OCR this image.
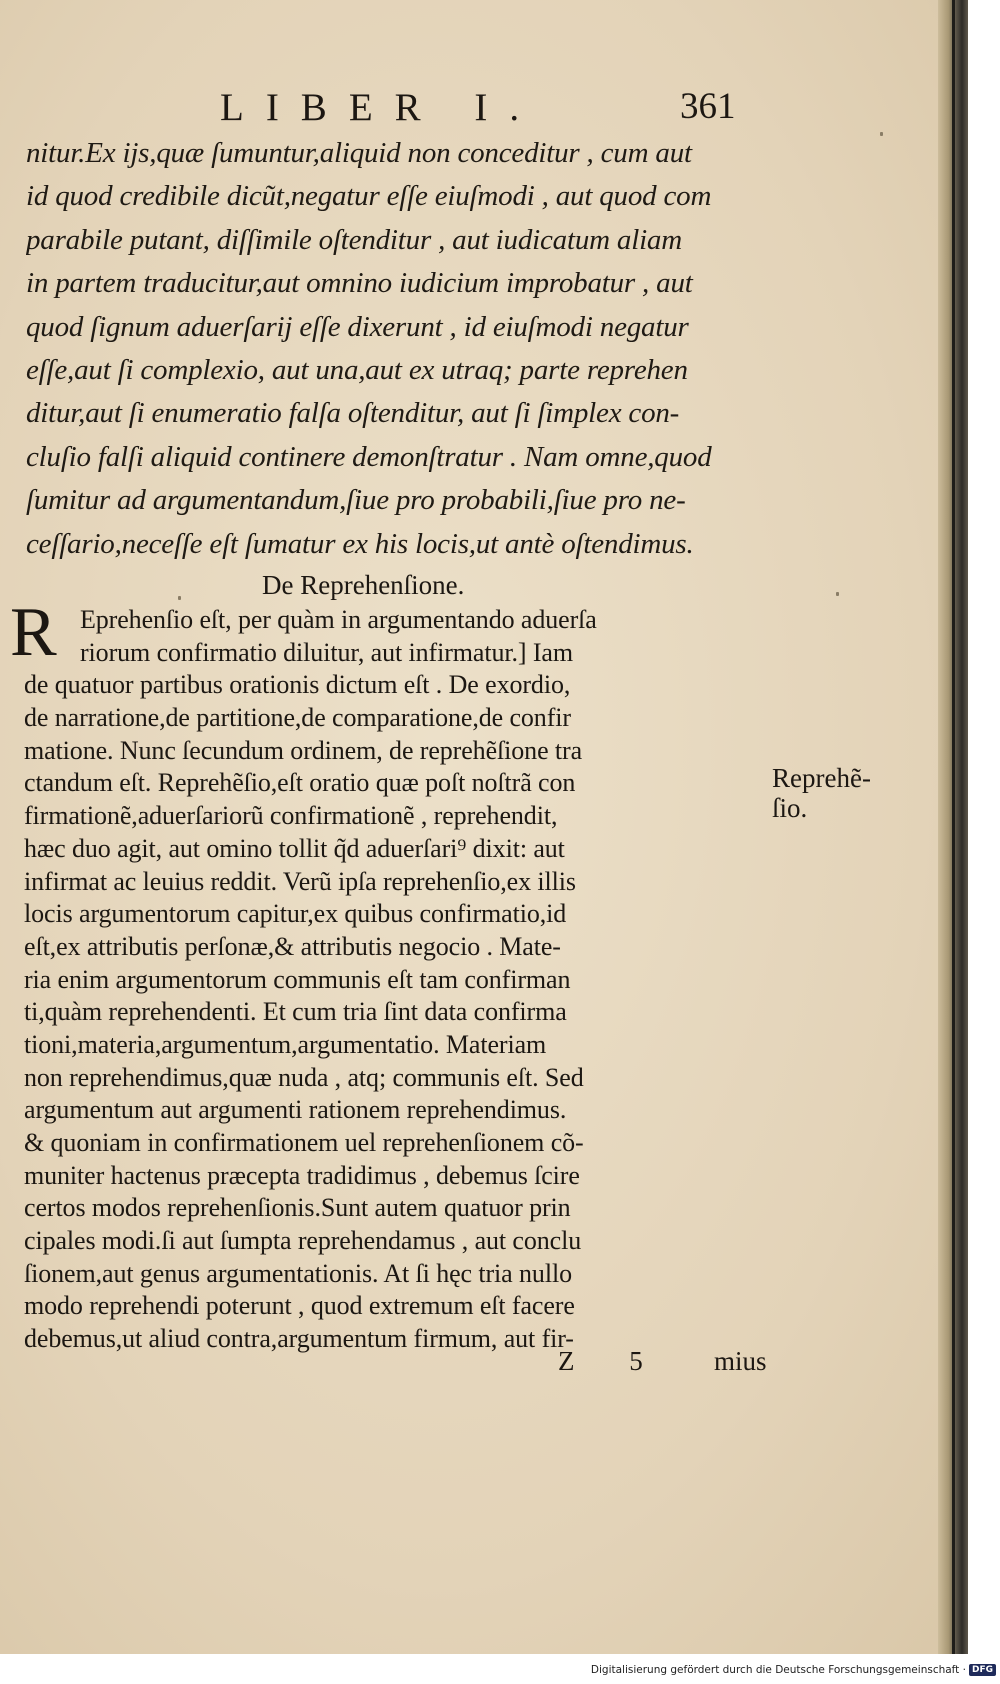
LIBER I.	361
nitur.Ex ijs,quæ ſumuntur,aliquid non conceditur , cum aut
id quod credibile dicũt,negatur eſſe eiuſmodi , aut quod com
parabile putant, diſſimile oſtenditur , aut iudicatum aliam
in partem traducitur,aut omnino iudicium improbatur , aut
quod ſignum aduerſarij eſſe dixerunt , id eiuſmodi negatur
eſſe,aut ſi complexio, aut una,aut ex utraq; parte reprehen
ditur,aut ſi enumeratio falſa oſtenditur, aut ſi ſimplex con-
cluſio falſi aliquid continere demonſtratur . Nam omne,quod
ſumitur ad argumentandum,ſiue pro probabili,ſiue pro ne-
ceſſario,neceſſe eſt ſumatur ex his locis,ut antè oſtendimus.
De Reprehenſione.
R Eprehenſio eſt, per quàm in argumentando aduerſa
riorum confirmatio diluitur, aut infirmatur.] Iam
de quatuor partibus orationis dictum eſt . De exordio,
de narratione,de partitione,de comparatione,de confir
matione. Nunc ſecundum ordinem, de reprehẽſione tra
ctandum eſt. Reprehẽſio,eſt oratio quæ poſt noſtrã con
firmationẽ,aduerſariorũ confirmationẽ , reprehendit,
hæc duo agit, aut omino tollit q̃d aduerſari⁹ dixit: aut
infirmat ac leuius reddit. Verũ ipſa reprehenſio,ex illis
locis argumentorum capitur,ex quibus confirmatio,id
eſt,ex attributis perſonæ,& attributis negocio . Mate-
ria enim argumentorum communis eſt tam confirman
ti,quàm reprehendenti. Et cum tria ſint data confirma
tioni,materia,argumentum,argumentatio. Materiam
non reprehendimus,quæ nuda , atq; communis eſt. Sed
argumentum aut argumenti rationem reprehendimus.
& quoniam in confirmationem uel reprehenſionem cõ-
muniter hactenus præcepta tradidimus , debemus ſcire
certos modos reprehenſionis.Sunt autem quatuor prin
cipales modi.ſi aut ſumpta reprehendamus , aut conclu
ſionem,aut genus argumentationis. At ſi hęc tria nullo
modo reprehendi poterunt , quod extremum eſt facere
debemus,ut aliud contra,argumentum firmum, aut fir-
Reprehẽ-
ſio.
Z 5 mius
Digitalisierung gefördert durch die Deutsche Forschungsgemeinschaft · DFG
